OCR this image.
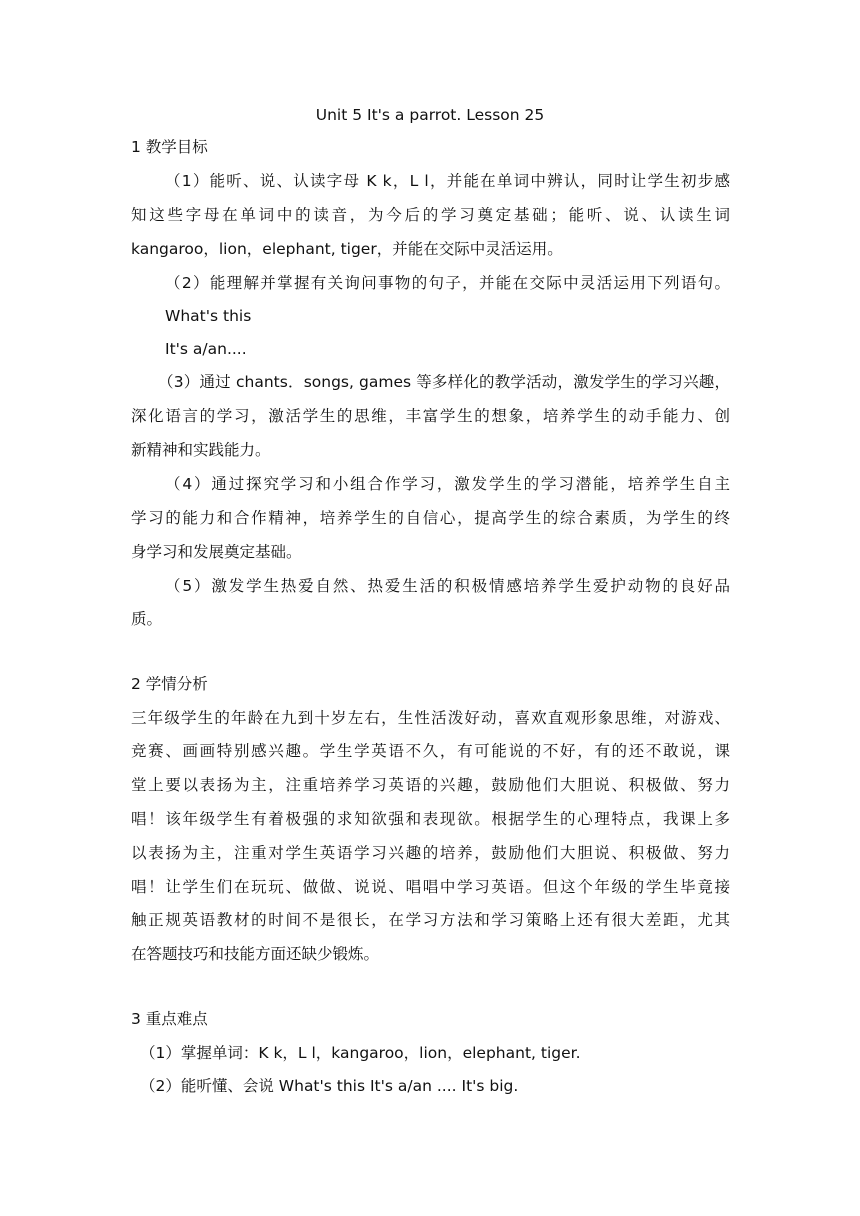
Unit 5 It's a parrot. Lesson 25
1 教学目标
（1）能听、说、认读字母 K k，L l，并能在单词中辨认，同时让学生初步感
知这些字母在单词中的读音，为今后的学习奠定基础；能听、说、认读生词
kangaroo，lion，elephant, tiger，并能在交际中灵活运用。
（2）能理解并掌握有关询问事物的句子，并能在交际中灵活运用下列语句。
What's this
It's a/an....
（3）通过 chants．songs, games 等多样化的教学活动，激发学生的学习兴趣，
深化语言的学习，激活学生的思维，丰富学生的想象，培养学生的动手能力、创
新精神和实践能力。
（4）通过探究学习和小组合作学习，激发学生的学习潜能，培养学生自主
学习的能力和合作精神，培养学生的自信心，提高学生的综合素质，为学生的终
身学习和发展奠定基础。
（5）激发学生热爱自然、热爱生活的积极情感培养学生爱护动物的良好品
质。
2 学情分析
三年级学生的年龄在九到十岁左右，生性活泼好动，喜欢直观形象思维，对游戏、
竞赛、画画特别感兴趣。学生学英语不久，有可能说的不好，有的还不敢说，课
堂上要以表扬为主，注重培养学习英语的兴趣，鼓励他们大胆说、积极做、努力
唱！该年级学生有着极强的求知欲强和表现欲。根据学生的心理特点，我课上多
以表扬为主，注重对学生英语学习兴趣的培养，鼓励他们大胆说、积极做、努力
唱！让学生们在玩玩、做做、说说、唱唱中学习英语。但这个年级的学生毕竟接
触正规英语教材的时间不是很长，在学习方法和学习策略上还有很大差距，尤其
在答题技巧和技能方面还缺少锻炼。
3 重点难点
（1）掌握单词：K k，L l，kangaroo，lion，elephant, tiger.
（2）能听懂、会说 What's this It's a/an .... It's big.
